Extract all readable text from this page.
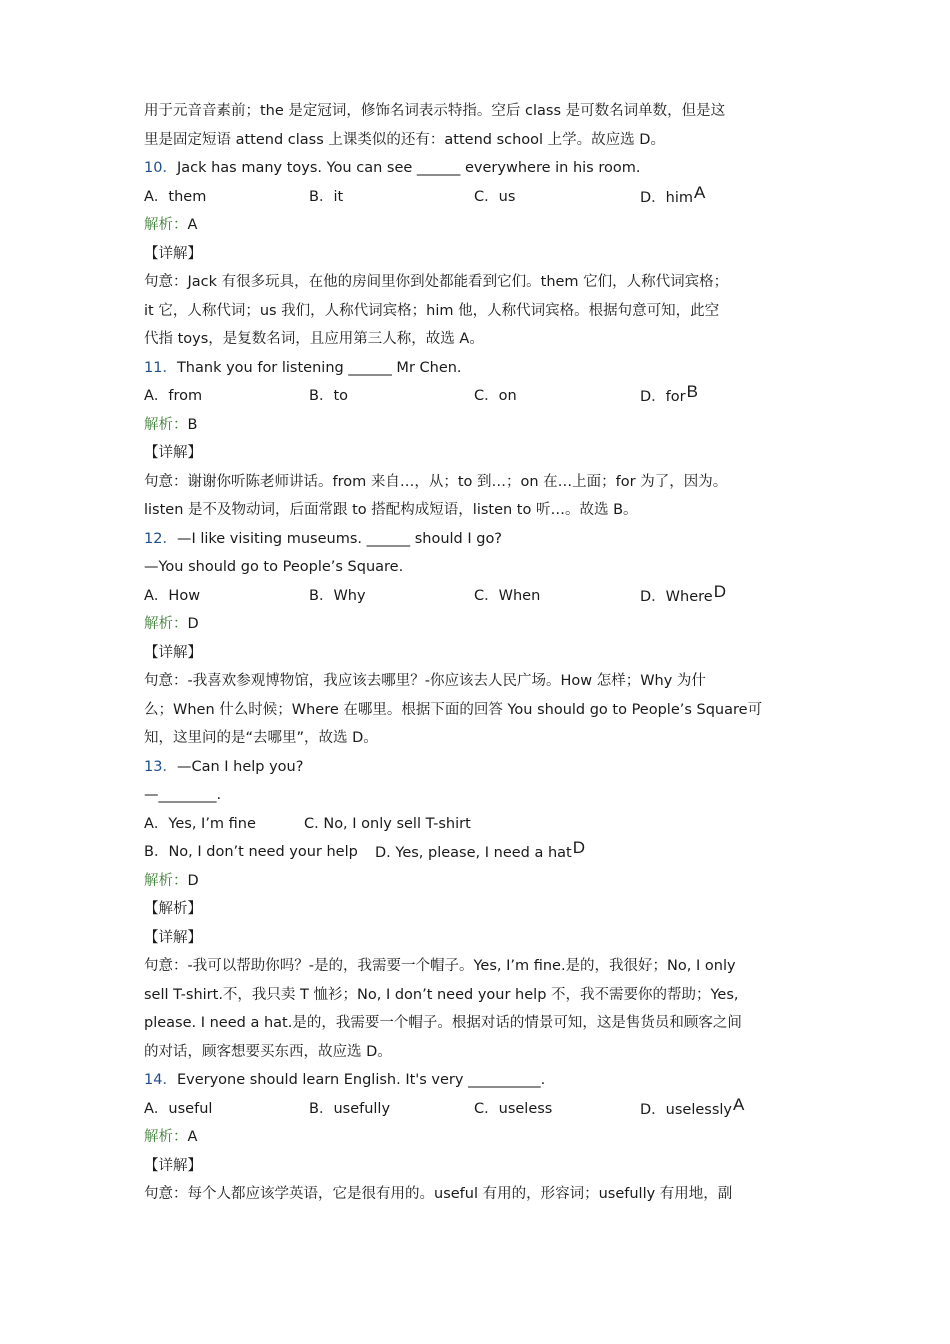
用于元音音素前；the 是定冠词，修饰名词表示特指。空后 class 是可数名词单数，但是这
里是固定短语 attend class 上课类似的还有：attend school 上学。故应选 D。
10．Jack has many toys. You can see ______ everywhere in his room.
A．them	B．it	C．us	D．himA
解析：A
【详解】
句意：Jack 有很多玩具，在他的房间里你到处都能看到它们。them 它们，人称代词宾格；
it 它，人称代词；us 我们，人称代词宾格；him 他，人称代词宾格。根据句意可知，此空
代指 toys，是复数名词，且应用第三人称，故选 A。
11．Thank you for listening ______ Mr Chen.
A．from	B．to	C．on	D．forB
解析：B
【详解】
句意：谢谢你听陈老师讲话。from 来自…，从；to 到…；on 在…上面；for 为了，因为。
listen 是不及物动词，后面常跟 to 搭配构成短语，listen to 听…。故选 B。
12．—I like visiting museums. ______ should I go?
—You should go to People’s Square.
A．How	B．Why	C．When	D．WhereD
解析：D
【详解】
句意：-我喜欢参观博物馆，我应该去哪里？-你应该去人民广场。How 怎样；Why 为什
么；When 什么时候；Where 在哪里。根据下面的回答 You should go to People’s Square可
知，这里问的是“去哪里”，故选 D。
13．—Can I help you?
—________.
A．Yes, I’m fine	C. No, I only sell T-shirt
B．No, I don’t need your help D. Yes, please, I need a hatD
解析：D
【解析】
【详解】
句意：-我可以帮助你吗？-是的，我需要一个帽子。Yes, I’m fine.是的，我很好；No, I only
sell T-shirt.不，我只卖 T 恤衫；No, I don’t need your help 不，我不需要你的帮助；Yes,
please. I need a hat.是的，我需要一个帽子。根据对话的情景可知，这是售货员和顾客之间
的对话，顾客想要买东西，故应选 D。
14．Everyone should learn English. It's very __________.
A．useful	B．usefully	C．useless	D．uselesslyA
解析：A
【详解】
句意：每个人都应该学英语，它是很有用的。useful 有用的，形容词；usefully 有用地，副
